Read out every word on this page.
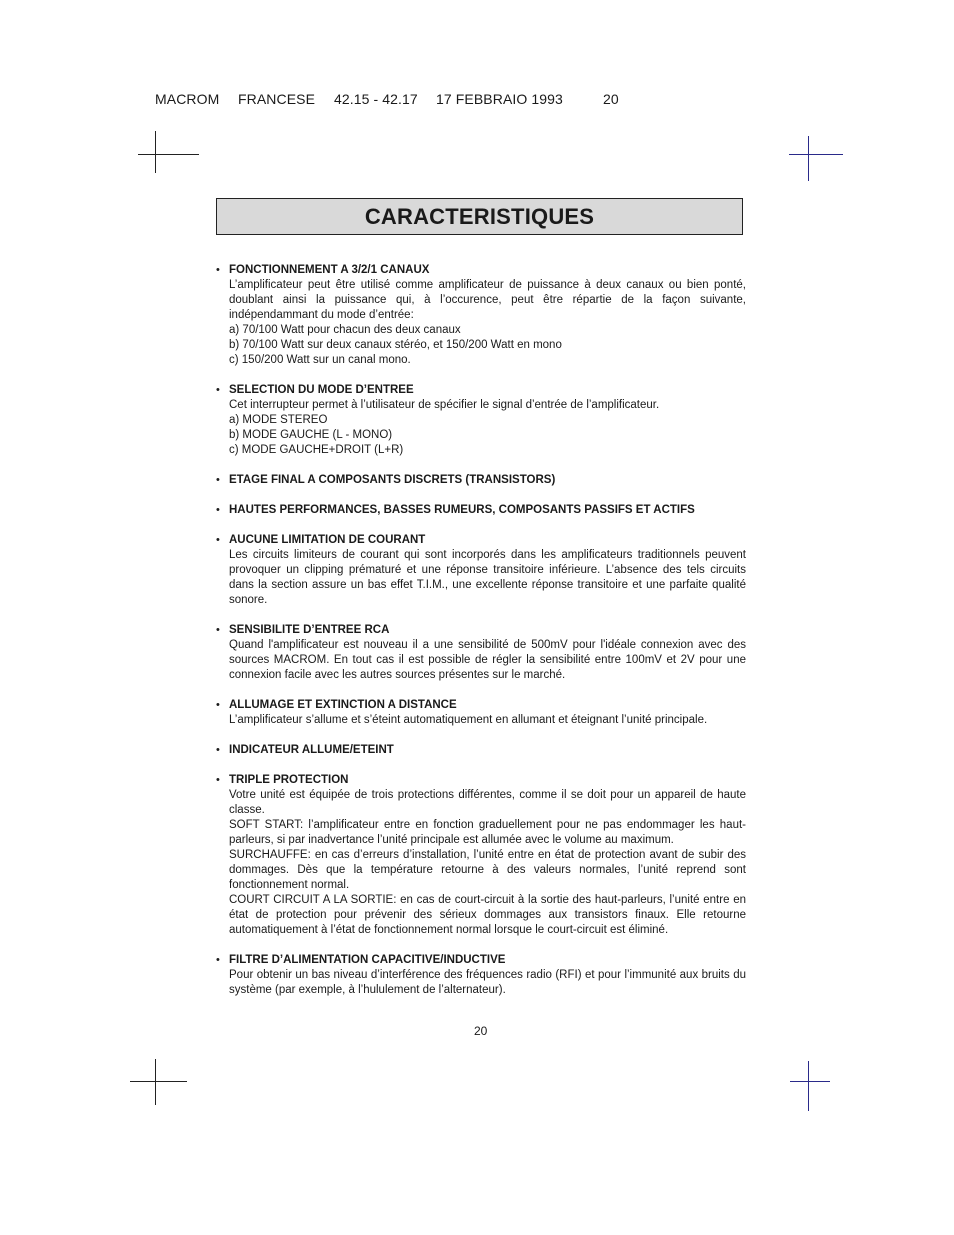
MACROM FRANCESE 42.15 - 42.17 17 FEBBRAIO 1993	20
CARACTERISTIQUES
• FONCTIONNEMENT A 3/2/1 CANAUX
L’amplificateur peut être utilisé comme amplificateur de puissance à deux canaux ou bien ponté, doublant ainsi la puissance qui, à l’occurence, peut être répartie de la façon suivante, indépendammant du mode d’entrée:
a) 70/100 Watt pour chacun des deux canaux
b) 70/100 Watt sur deux canaux stéréo, et 150/200 Watt en mono
c) 150/200 Watt sur un canal mono.
• SELECTION DU MODE D’ENTREE
Cet interrupteur permet à l’utilisateur de spécifier le signal d’entrée de l’amplificateur.
a) MODE STEREO
b) MODE GAUCHE (L - MONO)
c) MODE GAUCHE+DROIT (L+R)
• ETAGE FINAL A COMPOSANTS DISCRETS (TRANSISTORS)
• HAUTES PERFORMANCES, BASSES RUMEURS, COMPOSANTS PASSIFS ET ACTIFS
• AUCUNE LIMITATION DE COURANT
Les circuits limiteurs de courant qui sont incorporés dans les amplificateurs traditionnels peuvent provoquer un clipping prématuré et une réponse transitoire inférieure. L’absence des tels circuits dans la section assure un bas effet T.I.M., une excellente réponse transitoire et une parfaite qualité sonore.
• SENSIBILITE D’ENTREE RCA
Quand l'amplificateur est nouveau il a une sensibilité de 500mV pour l'idéale connexion avec des sources MACROM. En tout cas il est possible de régler la sensibilité entre 100mV et 2V pour une connexion facile avec les autres sources présentes sur le marché.
• ALLUMAGE ET EXTINCTION A DISTANCE
L’amplificateur s’allume et s’éteint automatiquement en allumant et éteignant l’unité principale.
• INDICATEUR ALLUME/ETEINT
• TRIPLE PROTECTION
Votre unité est équipée de trois protections différentes, comme il se doit pour un appareil de haute classe.
SOFT START: l’amplificateur entre en fonction graduellement pour ne pas endommager les haut-parleurs, si par inadvertance l’unité principale est allumée avec le volume au maximum.
SURCHAUFFE: en cas d’erreurs d’installation, l’unité entre en état de protection avant de subir des dommages. Dès que la température retourne à des valeurs normales, l’unité reprend sont fonctionnement normal.
COURT CIRCUIT A LA SORTIE: en cas de court-circuit à la sortie des haut-parleurs, l’unité entre en état de protection pour prévenir des sérieux dommages aux transistors finaux. Elle retourne automatiquement à l’état de fonctionnement normal lorsque le court-circuit est éliminé.
• FILTRE D’ALIMENTATION CAPACITIVE/INDUCTIVE
Pour obtenir un bas niveau d’interférence des fréquences radio (RFI) et pour l’immunité aux bruits du système (par exemple, à l’hululement de l’alternateur).
20
